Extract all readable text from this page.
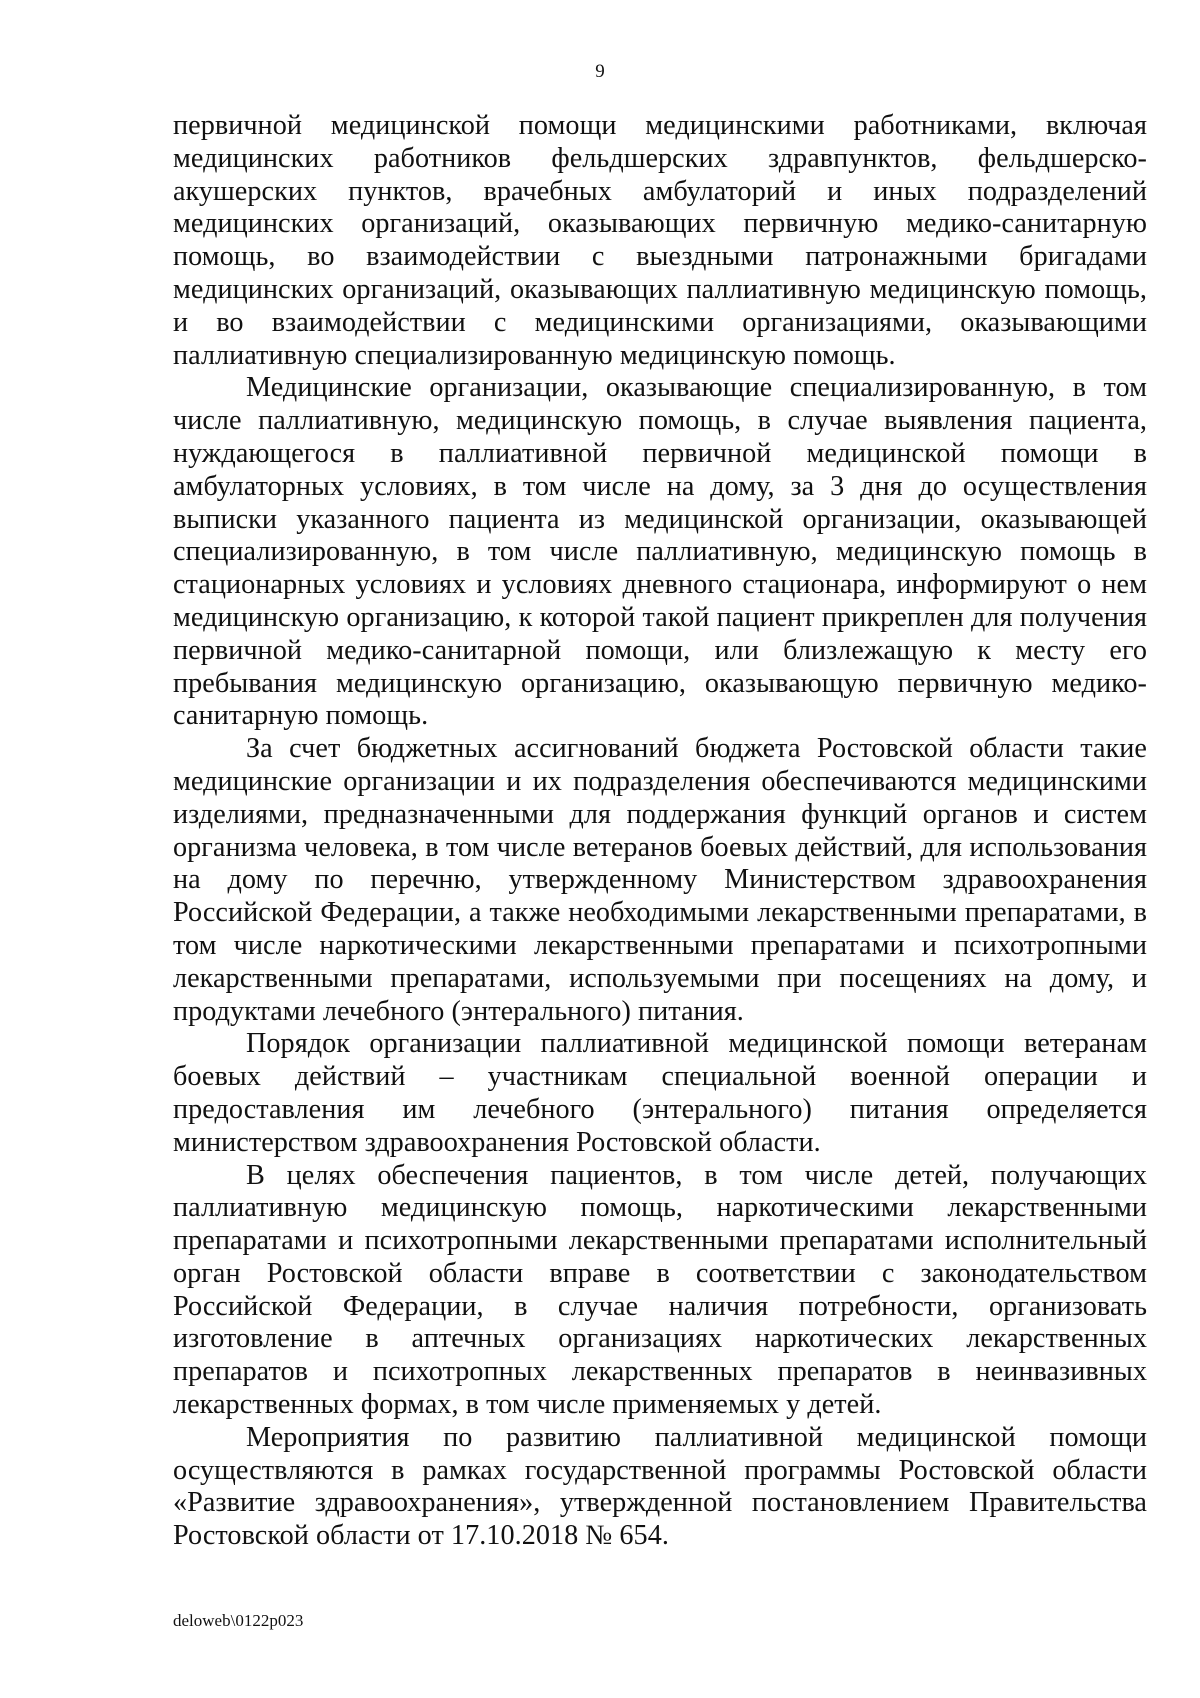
9

первичной медицинской помощи медицинскими работниками, включая медицинских работников фельдшерских здравпунктов, фельдшерско-акушерских пунктов, врачебных амбулаторий и иных подразделений медицинских организаций, оказывающих первичную медико-санитарную помощь, во взаимодействии с выездными патронажными бригадами медицинских организаций, оказывающих паллиативную медицинскую помощь, и во взаимодействии с медицинскими организациями, оказывающими паллиативную специализированную медицинскую помощь.

Медицинские организации, оказывающие специализированную, в том числе паллиативную, медицинскую помощь, в случае выявления пациента, нуждающегося в паллиативной первичной медицинской помощи в амбулаторных условиях, в том числе на дому, за 3 дня до осуществления выписки указанного пациента из медицинской организации, оказывающей специализированную, в том числе паллиативную, медицинскую помощь в стационарных условиях и условиях дневного стационара, информируют о нем медицинскую организацию, к которой такой пациент прикреплен для получения первичной медико-санитарной помощи, или близлежащую к месту его пребывания медицинскую организацию, оказывающую первичную медико-санитарную помощь.

За счет бюджетных ассигнований бюджета Ростовской области такие медицинские организации и их подразделения обеспечиваются медицинскими изделиями, предназначенными для поддержания функций органов и систем организма человека, в том числе ветеранов боевых действий, для использования на дому по перечню, утвержденному Министерством здравоохранения Российской Федерации, а также необходимыми лекарственными препаратами, в том числе наркотическими лекарственными препаратами и психотропными лекарственными препаратами, используемыми при посещениях на дому, и продуктами лечебного (энтерального) питания.

Порядок организации паллиативной медицинской помощи ветеранам боевых действий – участникам специальной военной операции и предоставления им лечебного (энтерального) питания определяется министерством здравоохранения Ростовской области.

В целях обеспечения пациентов, в том числе детей, получающих паллиативную медицинскую помощь, наркотическими лекарственными препаратами и психотропными лекарственными препаратами исполнительный орган Ростовской области вправе в соответствии с законодательством Российской Федерации, в случае наличия потребности, организовать изготовление в аптечных организациях наркотических лекарственных препаратов и психотропных лекарственных препаратов в неинвазивных лекарственных формах, в том числе применяемых у детей.

Мероприятия по развитию паллиативной медицинской помощи осуществляются в рамках государственной программы Ростовской области «Развитие здравоохранения», утвержденной постановлением Правительства Ростовской области от 17.10.2018 № 654.

deloweb\0122p023
